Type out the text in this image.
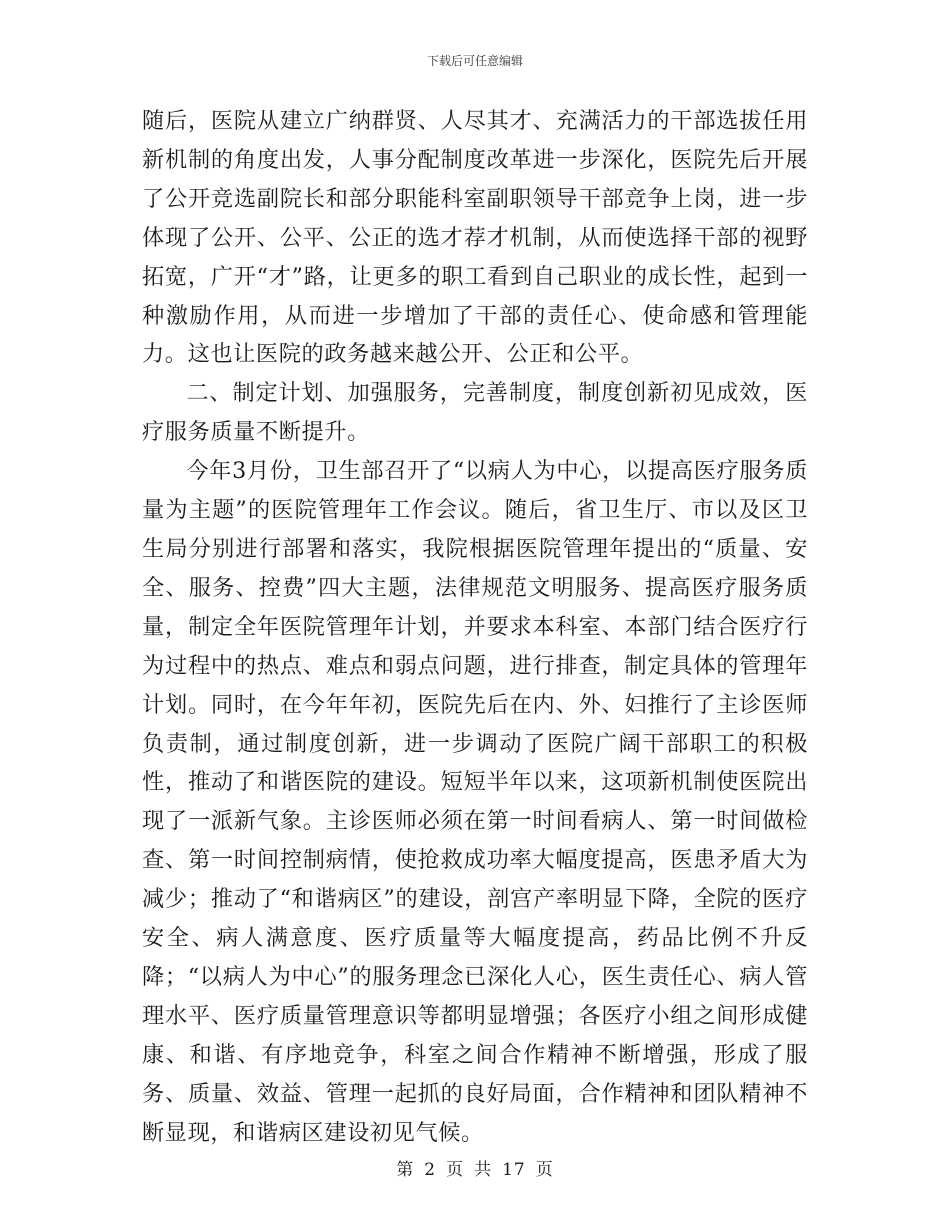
下载后可任意编辑

随后，医院从建立广纳群贤、人尽其才、充满活力的干部选拔任用新机制的角度出发，人事分配制度改革进一步深化，医院先后开展了公开竞选副院长和部分职能科室副职领导干部竞争上岗，进一步体现了公开、公平、公正的选才荐才机制，从而使选择干部的视野拓宽，广开“才”路，让更多的职工看到自己职业的成长性，起到一种激励作用，从而进一步增加了干部的责任心、使命感和管理能力。这也让医院的政务越来越公开、公正和公平。

二、制定计划、加强服务，完善制度，制度创新初见成效，医疗服务质量不断提升。

今年3月份，卫生部召开了“以病人为中心，以提高医疗服务质量为主题”的医院管理年工作会议。随后，省卫生厅、市以及区卫生局分别进行部署和落实，我院根据医院管理年提出的“质量、安全、服务、控费”四大主题，法律规范文明服务、提高医疗服务质量，制定全年医院管理年计划，并要求本科室、本部门结合医疗行为过程中的热点、难点和弱点问题，进行排查，制定具体的管理年计划。同时，在今年年初，医院先后在内、外、妇推行了主诊医师负责制，通过制度创新，进一步调动了医院广阔干部职工的积极性，推动了和谐医院的建设。短短半年以来，这项新机制使医院出现了一派新气象。主诊医师必须在第一时间看病人、第一时间做检查、第一时间控制病情，使抢救成功率大幅度提高，医患矛盾大为减少；推动了“和谐病区”的建设，剖宫产率明显下降，全院的医疗安全、病人满意度、医疗质量等大幅度提高，药品比例不升反降；“以病人为中心”的服务理念已深化人心，医生责任心、病人管理水平、医疗质量管理意识等都明显增强；各医疗小组之间形成健康、和谐、有序地竞争，科室之间合作精神不断增强，形成了服务、质量、效益、管理一起抓的良好局面，合作精神和团队精神不断显现，和谐病区建设初见气候。

第 2 页 共 17 页
